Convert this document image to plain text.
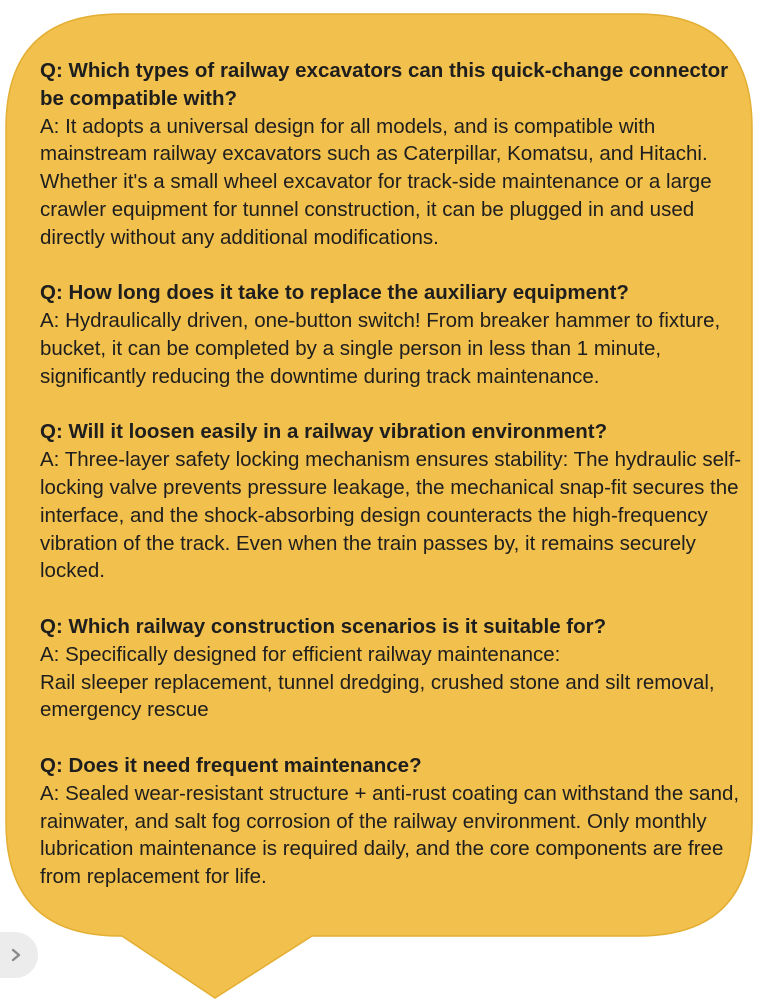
Q: Which types of railway excavators can this quick-change connector be compatible with?

A: It adopts a universal design for all models, and is compatible with mainstream railway excavators such as Caterpillar, Komatsu, and Hitachi. Whether it's a small wheel excavator for track-side maintenance or a large crawler equipment for tunnel construction, it can be plugged in and used directly without any additional modifications.

Q: How long does it take to replace the auxiliary equipment?

A: Hydraulically driven, one-button switch! From breaker hammer to fixture, bucket, it can be completed by a single person in less than 1 minute, significantly reducing the downtime during track maintenance.

Q: Will it loosen easily in a railway vibration environment?

A: Three-layer safety locking mechanism ensures stability: The hydraulic self-locking valve prevents pressure leakage, the mechanical snap-fit secures the interface, and the shock-absorbing design counteracts the high-frequency vibration of the track. Even when the train passes by, it remains securely locked.

Q: Which railway construction scenarios is it suitable for?

A: Specifically designed for efficient railway maintenance:

Rail sleeper replacement, tunnel dredging, crushed stone and silt removal, emergency rescue

Q: Does it need frequent maintenance?

A: Sealed wear-resistant structure + anti-rust coating can withstand the sand, rainwater, and salt fog corrosion of the railway environment. Only monthly lubrication maintenance is required daily, and the core components are free from replacement for life.
